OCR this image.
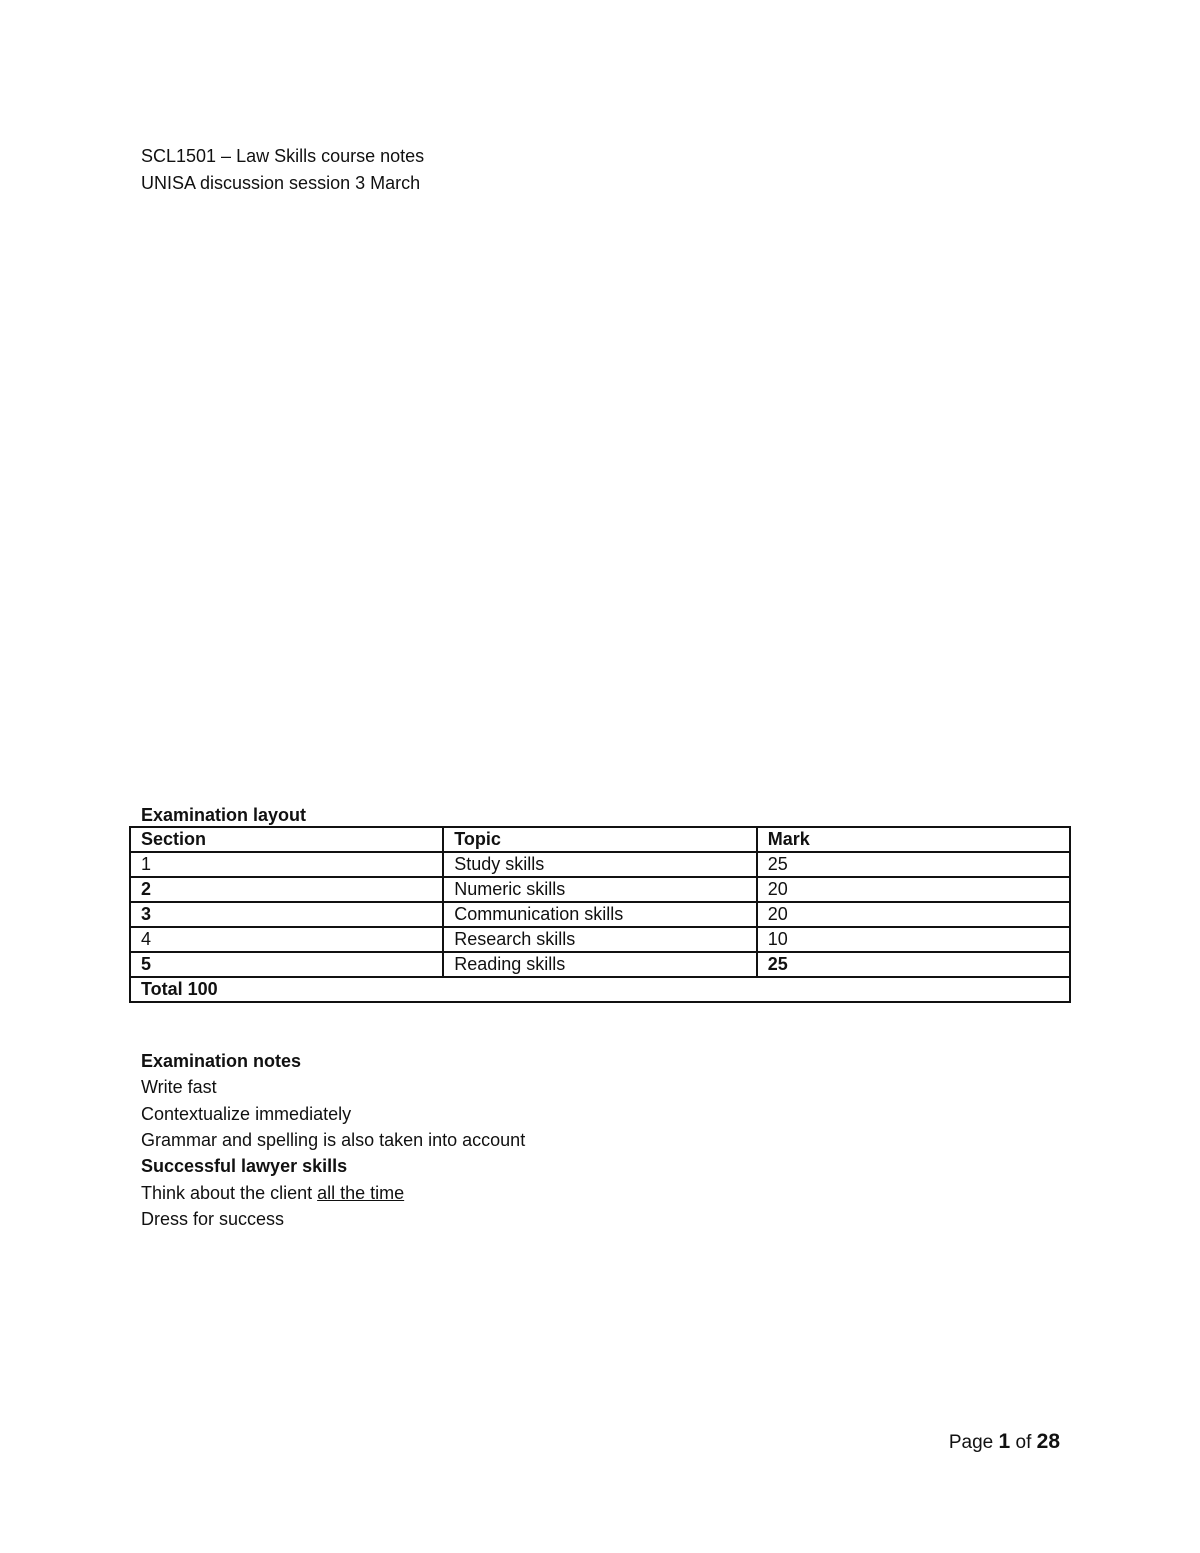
SCL1501 – Law Skills course notes
UNISA discussion session 3 March
Examination layout
Section	Topic	Mark
1	Study skills	25
2	Numeric skills	20
3	Communication skills	20
4	Research skills	10
5	Reading skills	25
Total 100		
Examination notes
Write fast
Contextualize immediately
Grammar and spelling is also taken into account
Successful lawyer skills
Think about the client all the time
Dress for success
Page 1 of 28
